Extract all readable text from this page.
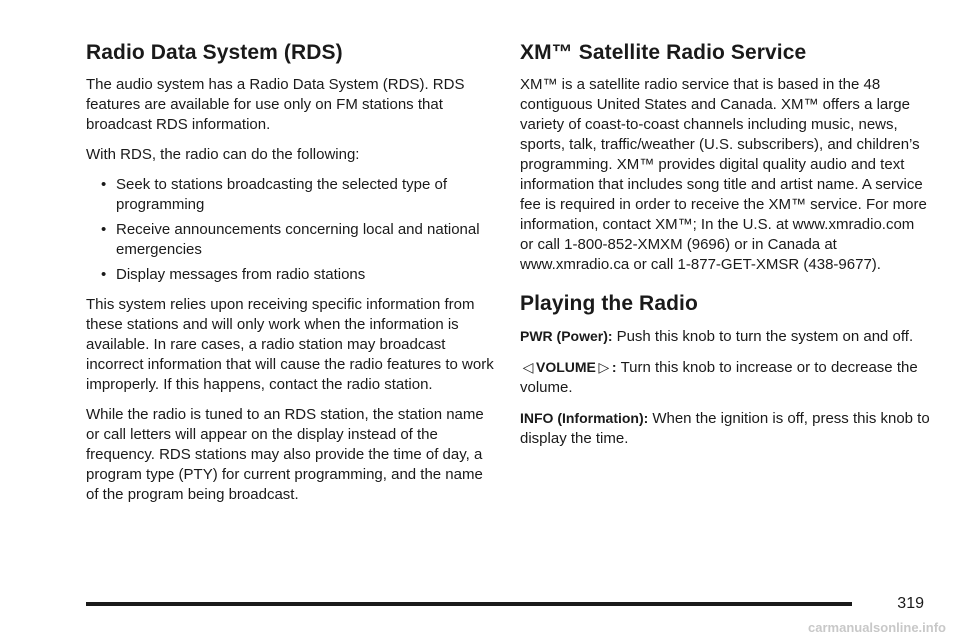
Radio Data System (RDS)

The audio system has a Radio Data System (RDS). RDS features are available for use only on FM stations that broadcast RDS information.

With RDS, the radio can do the following:

• Seek to stations broadcasting the selected type of programming
• Receive announcements concerning local and national emergencies
• Display messages from radio stations

This system relies upon receiving specific information from these stations and will only work when the information is available. In rare cases, a radio station may broadcast incorrect information that will cause the radio features to work improperly. If this happens, contact the radio station.

While the radio is tuned to an RDS station, the station name or call letters will appear on the display instead of the frequency. RDS stations may also provide the time of day, a program type (PTY) for current programming, and the name of the program being broadcast.

XM™ Satellite Radio Service

XM™ is a satellite radio service that is based in the 48 contiguous United States and Canada. XM™ offers a large variety of coast-to-coast channels including music, news, sports, talk, traffic/weather (U.S. subscribers), and children’s programming. XM™ provides digital quality audio and text information that includes song title and artist name. A service fee is required in order to receive the XM™ service. For more information, contact XM™; In the U.S. at www.xmradio.com or call 1-800-852-XMXM (9696) or in Canada at www.xmradio.ca or call 1-877-GET-XMSR (438-9677).

Playing the Radio

PWR (Power): Push this knob to turn the system on and off.

◁ VOLUME ▷ : Turn this knob to increase or to decrease the volume.

INFO (Information): When the ignition is off, press this knob to display the time.

319
carmanualsonline.info
